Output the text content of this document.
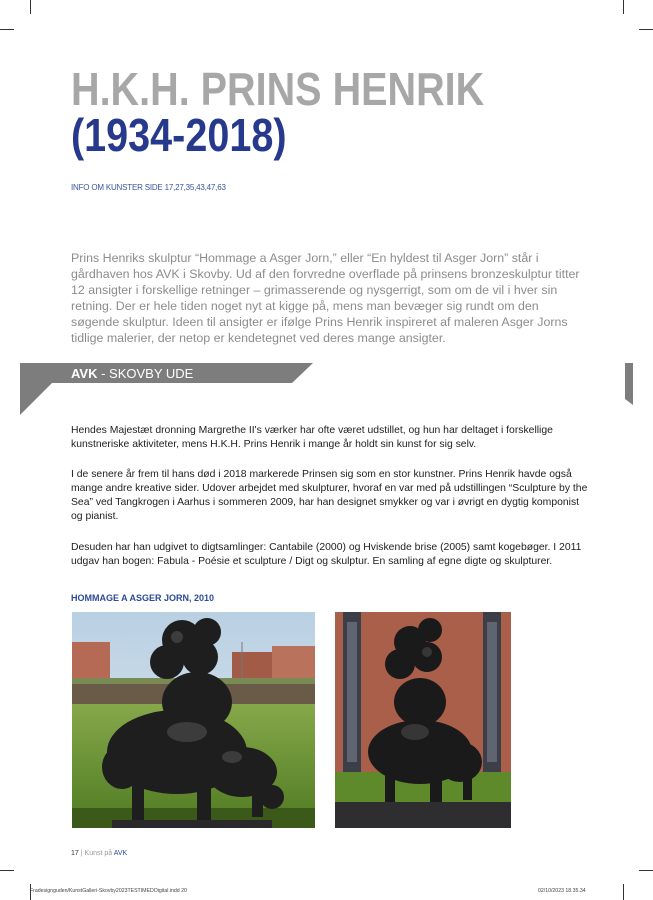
H.K.H. PRINS HENRIK
(1934-2018)
INFO OM KUNSTER SIDE 17,27,35,43,47,63
Prins Henriks skulptur “Hommage a Asger Jorn,” eller “En hyldest til Asger Jorn” står i gårdhaven hos AVK i Skovby. Ud af den forvredne overflade på prinsens bronzeskulptur titter 12 ansigter i forskellige retninger – grimasserende og nysgerrigt, som om de vil i hver sin retning. Der er hele tiden noget nyt at kigge på, mens man bevæger sig rundt om den søgende skulptur. Ideen til ansigter er ifølge Prins Henrik inspireret af maleren Asger Jorns tidlige malerier, der netop er kendetegnet ved deres mange ansigter.
AVK - SKOVBY UDE
Hendes Majestæt dronning Margrethe II's værker har ofte været udstillet, og hun har deltaget i forskellige kunstneriske aktiviteter, mens H.K.H. Prins Henrik i mange år holdt sin kunst for sig selv.
I de senere år frem til hans død i 2018 markerede Prinsen sig som en stor kunstner. Prins Henrik havde også mange andre kreative sider. Udover arbejdet med skulpturer, hvoraf en var med på udstillingen “Sculpture by the Sea” ved Tangkrogen i Aarhus i sommeren 2009, har han designet smykker og var i øvrigt en dygtig komponist og pianist.
Desuden har han udgivet to digtsamlinger: Cantabile (2000) og Hviskende brise (2005) samt kogebøger. I 2011 udgav han bogen: Fabula - Poésie et sculpture / Digt og skulptur. En samling af egne digte og skulpturer.
HOMMAGE A ASGER JORN, 2010
17 | Kunst på AVK
Fradesignguden/KunstGalleri-Skovby2023TESTIMEDOigital.indd 20	02/10/2023 18.35.34
